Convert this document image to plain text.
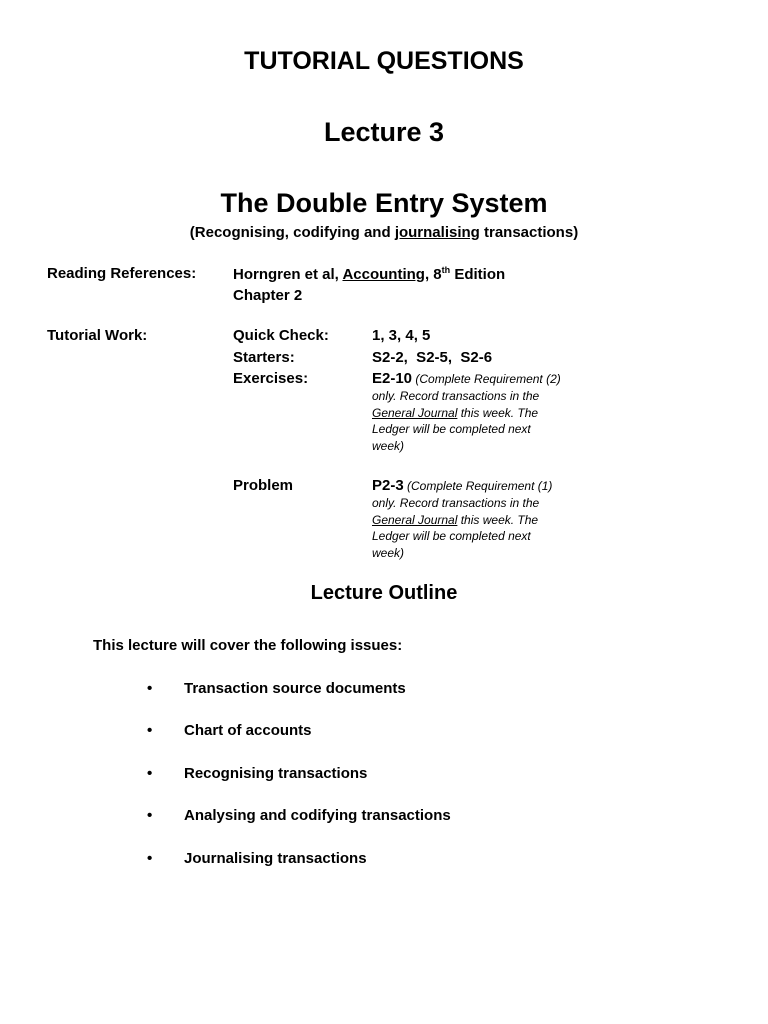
TUTORIAL QUESTIONS
Lecture 3
The Double Entry System
(Recognising, codifying and journalising transactions)
Reading References: Horngren et al, Accounting, 8th Edition
Chapter 2
Tutorial Work:	Quick Check:	1, 3, 4, 5
Starters:	S2-2,  S2-5,  S2-6
Exercises:	E2-10 (Complete Requirement (2)
only. Record transactions in the
General Journal this week. The
Ledger will be completed next
week)
Problem	P2-3 (Complete Requirement (1)
only. Record transactions in the
General Journal this week. The
Ledger will be completed next
week)
Lecture Outline
This lecture will cover the following issues:
• Transaction source documents
• Chart of accounts
• Recognising transactions
• Analysing and codifying transactions
• Journalising transactions
